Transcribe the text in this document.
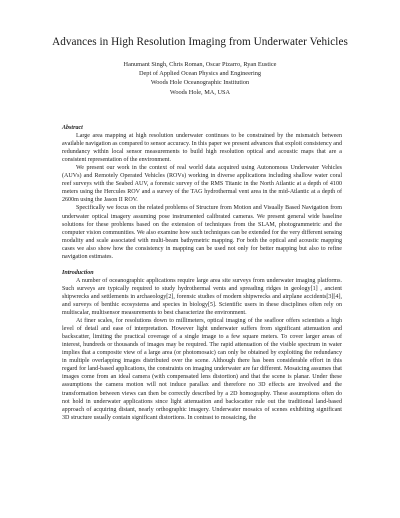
Advances in High Resolution Imaging from Underwater Vehicles
Hanumant Singh, Chris Roman, Oscar Pizarro, Ryan Eustice
Dept of Applied Ocean Physics and Engineering
Woods Hole Oceanographic Institution
Woods Hole, MA, USA
Abstract

Large area mapping at high resolution underwater continues to be constrained by the mismatch between available navigation as compared to sensor accuracy. In this paper we present advances that exploit consistency and redundancy within local sensor measurements to build high resolution optical and acoustic maps that are a consistent representation of the environment.

We present our work in the context of real world data acquired using Autonomous Underwater Vehicles (AUVs) and Remotely Operated Vehicles (ROVs) working in diverse applications including shallow water coral reef surveys with the Seabed AUV, a forensic survey of the RMS Titanic in the North Atlantic at a depth of 4100 meters using the Hercules ROV and a survey of the TAG hydrothermal vent area in the mid-Atlantic at a depth of 2600m using the Jason II ROV.

Specifically we focus on the related problems of Structure from Motion and Visually Based Navigation from underwater optical imagery assuming pose instrumented calibrated cameras. We present general wide baseline solutions for these problems based on the extension of techniques from the SLAM, photogrammetric and the computer vision communities. We also examine how such techniques can be extended for the very different sensing modality and scale associated with multi-beam bathymetric mapping. For both the optical and acoustic mapping cases we also show how the consistency in mapping can be used not only for better mapping but also to refine navigation estimates.

Introduction

A number of oceanographic applications require large area site surveys from underwater imaging platforms. Such surveys are typically required to study hydrothermal vents and spreading ridges in geology[1] , ancient shipwrecks and settlements in archaeology[2], forensic studies of modern shipwrecks and airplane accidents[3][4], and surveys of benthic ecosystems and species in biology[5]. Scientific users in these disciplines often rely on multiscalar, multisensor measurements to best characterize the environment.

At finer scales, for resolutions down to millimeters, optical imaging of the seafloor offers scientists a high level of detail and ease of interpretation. However light underwater suffers from significant attenuation and backscatter, limiting the practical coverage of a single image to a few square meters. To cover larger areas of interest, hundreds or thousands of images may be required. The rapid attenuation of the visible spectrum in water implies that a composite view of a large area (or photomosaic) can only be obtained by exploiting the redundancy in multiple overlapping images distributed over the scene. Although there has been considerable effort in this regard for land-based applications, the constraints on imaging underwater are far different. Mosaicing assumes that images come from an ideal camera (with compensated lens distortion) and that the scene is planar. Under these assumptions the camera motion will not induce parallax and therefore no 3D effects are involved and the transformation between views can then be correctly described by a 2D homography. These assumptions often do not hold in underwater applications since light attenuation and backscatter rule out the traditional land-based approach of acquiring distant, nearly orthographic imagery. Underwater mosaics of scenes exhibiting significant 3D structure usually contain significant distortions. In contrast to mosaicing, the
